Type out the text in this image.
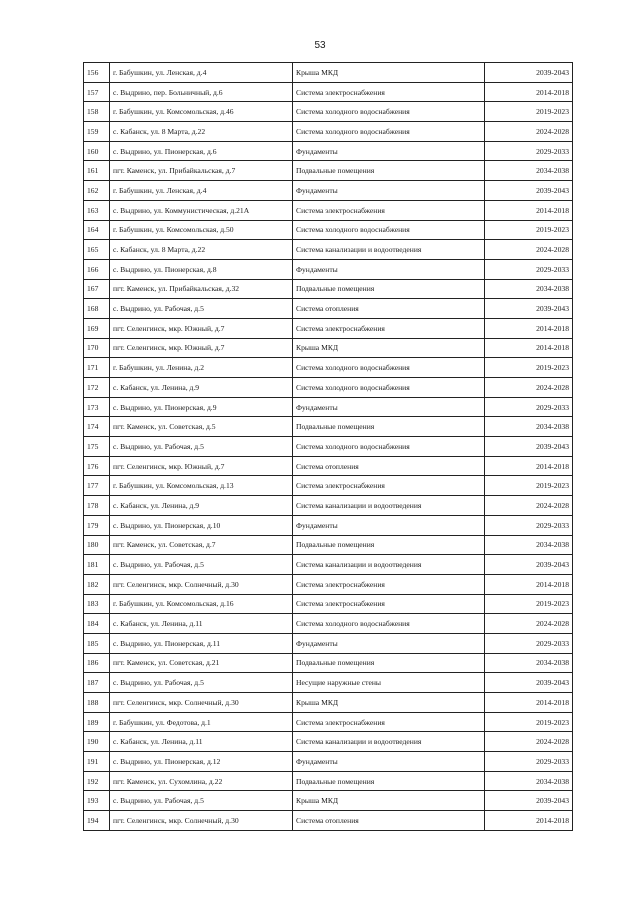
53
156	г. Бабушкин, ул. Ленская, д.4	Крыша МКД	2039-2043
157	с. Выдрино, пер. Больничный, д.6	Система электроснабжения	2014-2018
158	г. Бабушкин, ул. Комсомольская, д.46	Система холодного водоснабжения	2019-2023
159	с. Кабанск, ул. 8 Марта, д.22	Система холодного водоснабжения	2024-2028
160	с. Выдрино, ул. Пионерская, д.6	Фундаменты	2029-2033
161	пгт. Каменск, ул. Прибайкальская, д.7	Подвальные помещения	2034-2038
162	г. Бабушкин, ул. Ленская, д.4	Фундаменты	2039-2043
163	с. Выдрино, ул. Коммунистическая, д.21А	Система электроснабжения	2014-2018
164	г. Бабушкин, ул. Комсомольская, д.50	Система холодного водоснабжения	2019-2023
165	с. Кабанск, ул. 8 Марта, д.22	Система канализации и водоотведения	2024-2028
166	с. Выдрино, ул. Пионерская, д.8	Фундаменты	2029-2033
167	пгт. Каменск, ул. Прибайкальская, д.32	Подвальные помещения	2034-2038
168	с. Выдрино, ул. Рабочая, д.5	Система отопления	2039-2043
169	пгт. Селенгинск, мкр. Южный, д.7	Система электроснабжения	2014-2018
170	пгт. Селенгинск, мкр. Южный, д.7	Крыша МКД	2014-2018
171	г. Бабушкин, ул. Ленина, д.2	Система холодного водоснабжения	2019-2023
172	с. Кабанск, ул. Ленина, д.9	Система холодного водоснабжения	2024-2028
173	с. Выдрино, ул. Пионерская, д.9	Фундаменты	2029-2033
174	пгт. Каменск, ул. Советская, д.5	Подвальные помещения	2034-2038
175	с. Выдрино, ул. Рабочая, д.5	Система холодного водоснабжения	2039-2043
176	пгт. Селенгинск, мкр. Южный, д.7	Система отопления	2014-2018
177	г. Бабушкин, ул. Комсомольская, д.13	Система электроснабжения	2019-2023
178	с. Кабанск, ул. Ленина, д.9	Система канализации и водоотведения	2024-2028
179	с. Выдрино, ул. Пионерская, д.10	Фундаменты	2029-2033
180	пгт. Каменск, ул. Советская, д.7	Подвальные помещения	2034-2038
181	с. Выдрино, ул. Рабочая, д.5	Система канализации и водоотведения	2039-2043
182	пгт. Селенгинск, мкр. Солнечный, д.30	Система электроснабжения	2014-2018
183	г. Бабушкин, ул. Комсомольская, д.16	Система электроснабжения	2019-2023
184	с. Кабанск, ул. Ленина, д.11	Система холодного водоснабжения	2024-2028
185	с. Выдрино, ул. Пионерская, д.11	Фундаменты	2029-2033
186	пгт. Каменск, ул. Советская, д.21	Подвальные помещения	2034-2038
187	с. Выдрино, ул. Рабочая, д.5	Несущие наружные стены	2039-2043
188	пгт. Селенгинск, мкр. Солнечный, д.30	Крыша МКД	2014-2018
189	г. Бабушкин, ул. Федотова, д.1	Система электроснабжения	2019-2023
190	с. Кабанск, ул. Ленина, д.11	Система канализации и водоотведения	2024-2028
191	с. Выдрино, ул. Пионерская, д.12	Фундаменты	2029-2033
192	пгт. Каменск, ул. Сухомлина, д.22	Подвальные помещения	2034-2038
193	с. Выдрино, ул. Рабочая, д.5	Крыша МКД	2039-2043
194	пгт. Селенгинск, мкр. Солнечный, д.30	Система отопления	2014-2018
